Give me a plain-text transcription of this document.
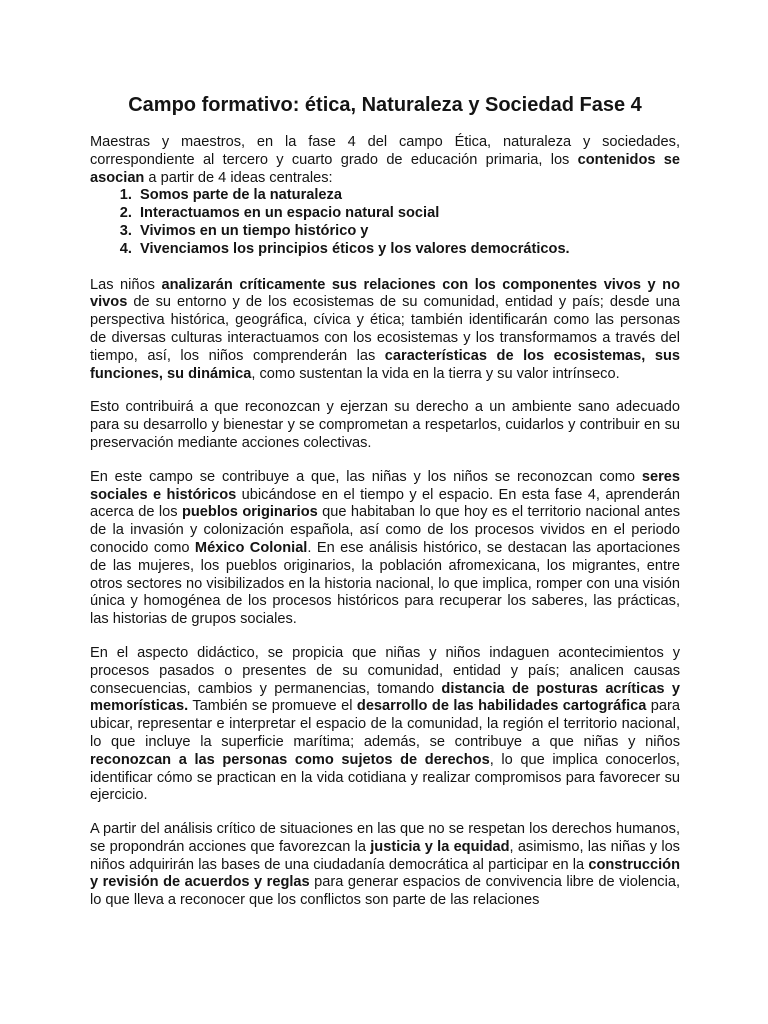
Campo formativo: ética, Naturaleza y Sociedad Fase 4

Maestras y maestros, en la fase 4 del campo Ética, naturaleza y sociedades, correspondiente al tercero y cuarto grado de educación primaria, los contenidos se asocian a partir de 4 ideas centrales:

1. Somos parte de la naturaleza
2. Interactuamos en un espacio natural social
3. Vivimos en un tiempo histórico y
4. Vivenciamos los principios éticos y los valores democráticos.

Las niños analizarán críticamente sus relaciones con los componentes vivos y no vivos de su entorno y de los ecosistemas de su comunidad, entidad y país; desde una perspectiva histórica, geográfica, cívica y ética; también identificarán como las personas de diversas culturas interactuamos con los ecosistemas y los transformamos a través del tiempo, así, los niños comprenderán las características de los ecosistemas, sus funciones, su dinámica, como sustentan la vida en la tierra y su valor intrínseco.

Esto contribuirá a que reconozcan y ejerzan su derecho a un ambiente sano adecuado para su desarrollo y bienestar y se comprometan a respetarlos, cuidarlos y contribuir en su preservación mediante acciones colectivas.

En este campo se contribuye a que, las niñas y los niños se reconozcan como seres sociales e históricos ubicándose en el tiempo y el espacio. En esta fase 4, aprenderán acerca de los pueblos originarios que habitaban lo que hoy es el territorio nacional antes de la invasión y colonización española, así como de los procesos vividos en el periodo conocido como México Colonial. En ese análisis histórico, se destacan las aportaciones de las mujeres, los pueblos originarios, la población afromexicana, los migrantes, entre otros sectores no visibilizados en la historia nacional, lo que implica, romper con una visión única y homogénea de los procesos históricos para recuperar los saberes, las prácticas, las historias de grupos sociales.

En el aspecto didáctico, se propicia que niñas y niños indaguen acontecimientos y procesos pasados o presentes de su comunidad, entidad y país; analicen causas consecuencias, cambios y permanencias, tomando distancia de posturas acríticas y memorísticas. También se promueve el desarrollo de las habilidades cartográfica para ubicar, representar e interpretar el espacio de la comunidad, la región el territorio nacional, lo que incluye la superficie marítima; además, se contribuye a que niñas y niños reconozcan a las personas como sujetos de derechos, lo que implica conocerlos, identificar cómo se practican en la vida cotidiana y realizar compromisos para favorecer su ejercicio.

A partir del análisis crítico de situaciones en las que no se respetan los derechos humanos, se propondrán acciones que favorezcan la justicia y la equidad, asimismo, las niñas y los niños adquirirán las bases de una ciudadanía democrática al participar en la construcción y revisión de acuerdos y reglas para generar espacios de convivencia libre de violencia, lo que lleva a reconocer que los conflictos son parte de las relaciones
